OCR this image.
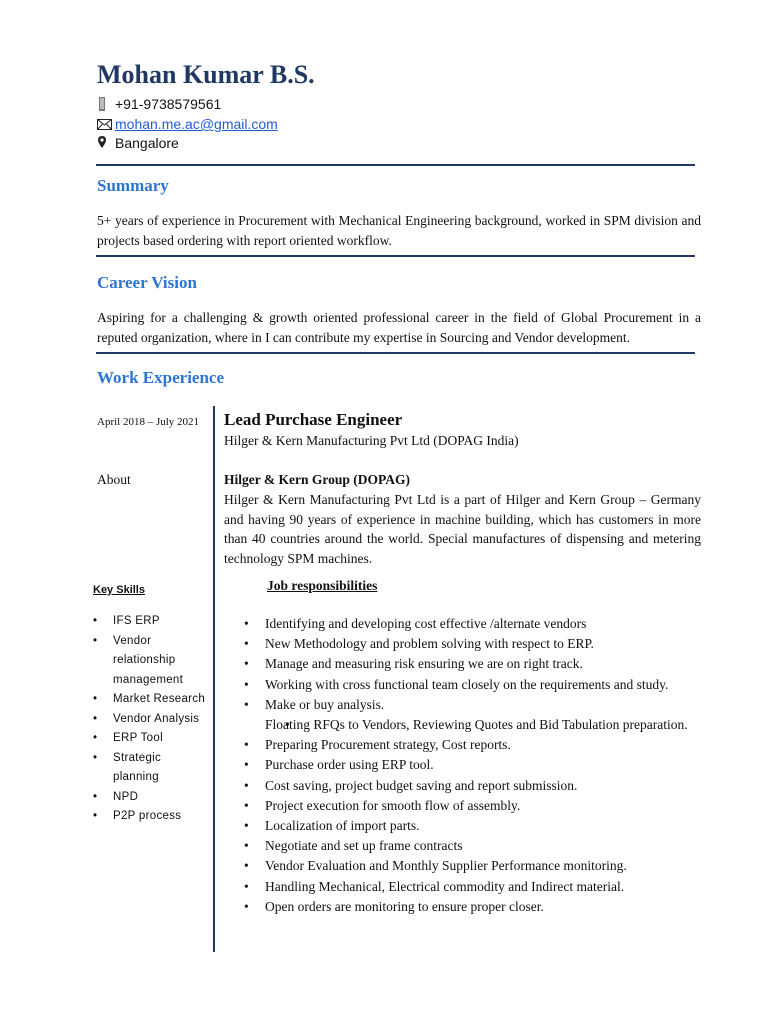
Mohan Kumar B.S.
+91-9738579561
mohan.me.ac@gmail.com
Bangalore
Summary
5+ years of experience in Procurement with Mechanical Engineering background, worked in SPM division and projects based ordering with report oriented workflow.
Career Vision
Aspiring for a challenging & growth oriented professional career in the field of Global Procurement in a reputed organization, where in I can contribute my expertise in Sourcing and Vendor development.
Work Experience
April 2018 – July 2021 Lead Purchase Engineer
Hilger & Kern Manufacturing Pvt Ltd (DOPAG India)
About	Hilger & Kern Group (DOPAG)
Hilger & Kern Manufacturing Pvt Ltd is a part of Hilger and Kern Group – Germany and having 90 years of experience in machine building, which has customers in more than 40 countries around the world. Special manufactures of dispensing and metering technology SPM machines.
Key Skills
• IFS ERP
• Vendor relationship management
• Market Research
• Vendor Analysis
• ERP Tool
• Strategic planning
• NPD
• P2P process
Job responsibilities
• Identifying and developing cost effective /alternate vendors
• New Methodology and problem solving with respect to ERP.
• Manage and measuring risk ensuring we are on right track.
• Working with cross functional team closely on the requirements and study.
• Make or buy analysis.
• Floating RFQs to Vendors, Reviewing Quotes and Bid Tabulation preparation.
• Preparing Procurement strategy, Cost reports.
• Purchase order using ERP tool.
• Cost saving, project budget saving and report submission.
• Project execution for smooth flow of assembly.
• Localization of import parts.
• Negotiate and set up frame contracts
• Vendor Evaluation and Monthly Supplier Performance monitoring.
• Handling Mechanical, Electrical commodity and Indirect material.
• Open orders are monitoring to ensure proper closer.
